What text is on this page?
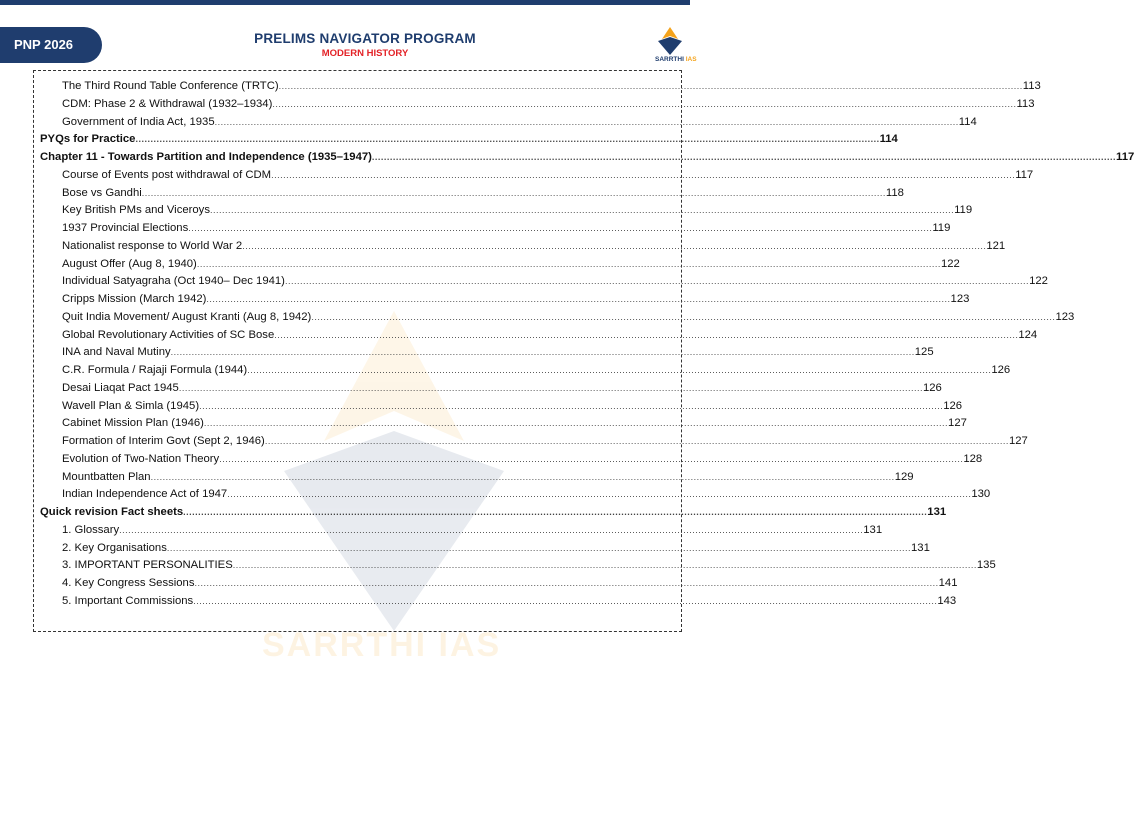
PNP 2026	PRELIMS NAVIGATOR PROGRAM
MODERN HISTORY
SARRTHI IAS
SARRTHI IAS
The Third Round Table Conference (TRTC) .....	113
CDM: Phase 2 & Withdrawal (1932–1934) .....	113
Government of India Act, 1935 .....	114
PYQs for Practice .....	114
Chapter 11 - Towards Partition and Independence (1935–1947) .....	117
Course of Events post withdrawal of CDM .....	117
Bose vs Gandhi .....	118
Key British PMs and Viceroys .....	119
1937 Provincial Elections .....	119
Nationalist response to World War 2 .....	121
August Offer (Aug 8, 1940) .....	122
Individual Satyagraha (Oct 1940– Dec 1941) .....	122
Cripps Mission (March 1942) .....	123
Quit India Movement/ August Kranti (Aug 8, 1942) .....	123
Global Revolutionary Activities of SC Bose .....	124
INA and Naval Mutiny .....	125
C.R. Formula / Rajaji Formula (1944) .....	126
Desai Liaqat Pact 1945 .....	126
Wavell Plan & Simla (1945) .....	126
Cabinet Mission Plan (1946) .....	127
Formation of Interim Govt (Sept 2, 1946) .....	127
Evolution of Two-Nation Theory .....	128
Mountbatten Plan .....	129
Indian Independence Act of 1947 .....	130
Quick revision Fact sheets .....	131
1. Glossary .....	131
2. Key Organisations .....	131
3. IMPORTANT PERSONALITIES .....	135
4. Key Congress Sessions .....	141
5. Important Commissions .....	143
